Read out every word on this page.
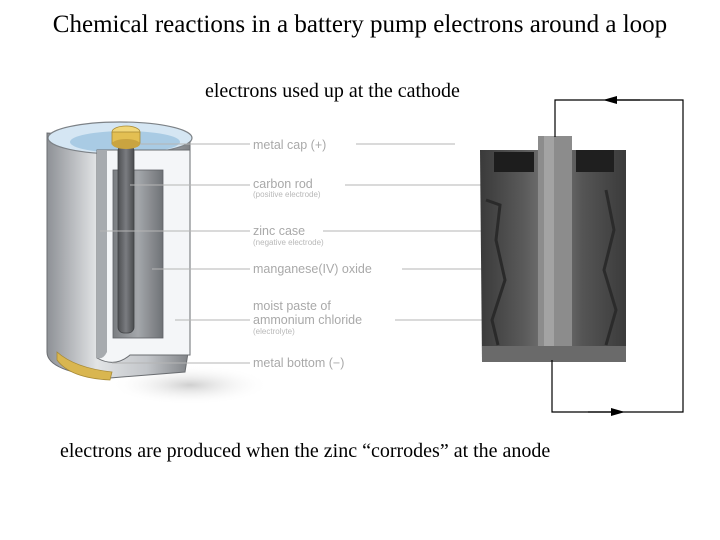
Chemical reactions in a battery pump electrons around a loop
electrons used up at the cathode
metal cap (+)
carbon rod
(positive electrode)
zinc case
(negative electrode)
manganese(IV) oxide
moist paste of
ammonium chloride
(electrolyte)
metal bottom (−)
electrons are produced when the zinc “corrodes” at the anode
